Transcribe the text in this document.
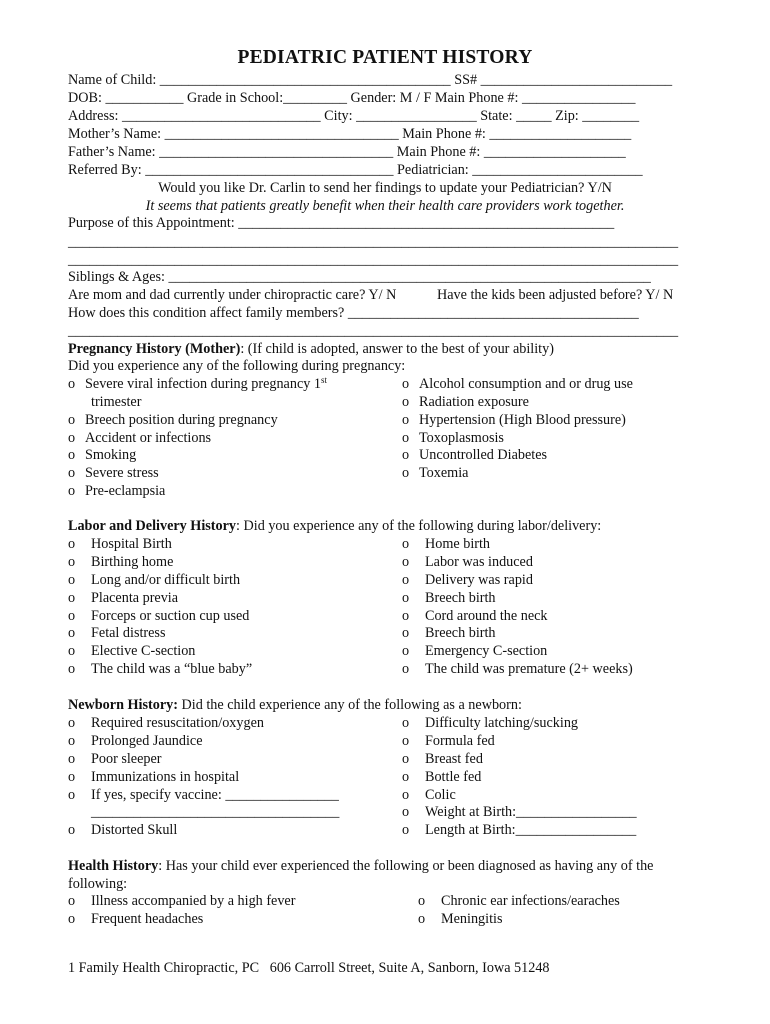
PEDIATRIC PATIENT HISTORY
Name of Child: _________________________________________ SS# ___________________________
DOB: ___________ Grade in School:_________ Gender: M / F Main Phone #: ________________
Address: ____________________________ City: _________________ State: _____ Zip: ________
Mother’s Name: _________________________________ Main Phone #: ____________________
Father’s Name: _________________________________ Main Phone #: ____________________
Referred By: ___________________________________ Pediatrician: ________________________
Would you like Dr. Carlin to send her findings to update your Pediatrician? Y/N
It seems that patients greatly benefit when their health care providers work together.
Purpose of this Appointment: _____________________________________________________
______________________________________________________________________________________
______________________________________________________________________________________
Siblings & Ages: ____________________________________________________________________
Are mom and dad currently under chiropractic care? Y/ N	Have the kids been adjusted before? Y/ N
How does this condition affect family members? _________________________________________
______________________________________________________________________________________
Pregnancy History (Mother): (If child is adopted, answer to the best of your ability)
Did you experience any of the following during pregnancy:
o Severe viral infection during pregnancy 1st
trimester
o Breech position during pregnancy
o Accident or infections
o Smoking
o Severe stress
o Pre-eclampsia
o Alcohol consumption and or drug use
o Radiation exposure
o Hypertension (High Blood pressure)
o Toxoplasmosis
o Uncontrolled Diabetes
o Toxemia
Labor and Delivery History: Did you experience any of the following during labor/delivery:
o Hospital Birth
o Birthing home
o Long and/or difficult birth
o Placenta previa
o Forceps or suction cup used
o Fetal distress
o Elective C-section
o The child was a “blue baby”
o Home birth
o Labor was induced
o Delivery was rapid
o Breech birth
o Cord around the neck
o Breech birth
o Emergency C-section
o The child was premature (2+ weeks)
Newborn History: Did the child experience any of the following as a newborn:
o Required resuscitation/oxygen
o Prolonged Jaundice
o Poor sleeper
o Immunizations in hospital
o If yes, specify vaccine: ________________
___________________________________
o Distorted Skull
o Difficulty latching/sucking
o Formula fed
o Breast fed
o Bottle fed
o Colic
o Weight at Birth:_________________
o Length at Birth:_________________
Health History: Has your child ever experienced the following or been diagnosed as having any of the
following:
o Illness accompanied by a high fever
o Frequent headaches
o Chronic ear infections/earaches
o Meningitis
1 Family Health Chiropractic, PC   606 Carroll Street, Suite A, Sanborn, Iowa 51248
